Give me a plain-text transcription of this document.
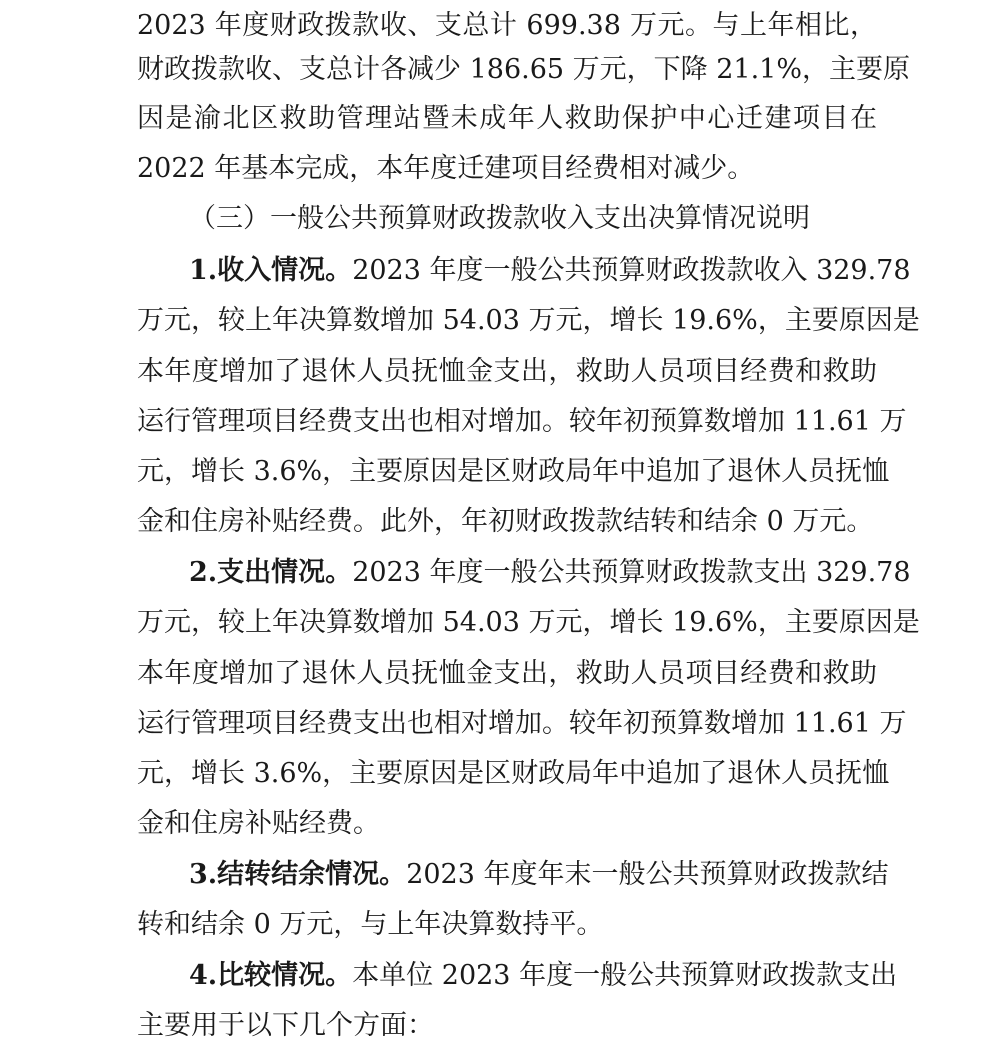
2023 年度财政拨款收、支总计 699.38 万元。与上年相比，
财政拨款收、支总计各减少 186.65 万元，下降 21.1%，主要原
因是渝北区救助管理站暨未成年人救助保护中心迁建项目在
2022 年基本完成，本年度迁建项目经费相对减少。
（三）一般公共预算财政拨款收入支出决算情况说明
1.收入情况。2023 年度一般公共预算财政拨款收入 329.78
万元，较上年决算数增加 54.03 万元，增长 19.6%，主要原因是
本年度增加了退休人员抚恤金支出，救助人员项目经费和救助
运行管理项目经费支出也相对增加。较年初预算数增加 11.61 万
元，增长 3.6%，主要原因是区财政局年中追加了退休人员抚恤
金和住房补贴经费。此外，年初财政拨款结转和结余 0 万元。
2.支出情况。2023 年度一般公共预算财政拨款支出 329.78
万元，较上年决算数增加 54.03 万元，增长 19.6%，主要原因是
本年度增加了退休人员抚恤金支出，救助人员项目经费和救助
运行管理项目经费支出也相对增加。较年初预算数增加 11.61 万
元，增长 3.6%，主要原因是区财政局年中追加了退休人员抚恤
金和住房补贴经费。
3.结转结余情况。2023 年度年末一般公共预算财政拨款结
转和结余 0 万元，与上年决算数持平。
4.比较情况。本单位 2023 年度一般公共预算财政拨款支出
主要用于以下几个方面：
